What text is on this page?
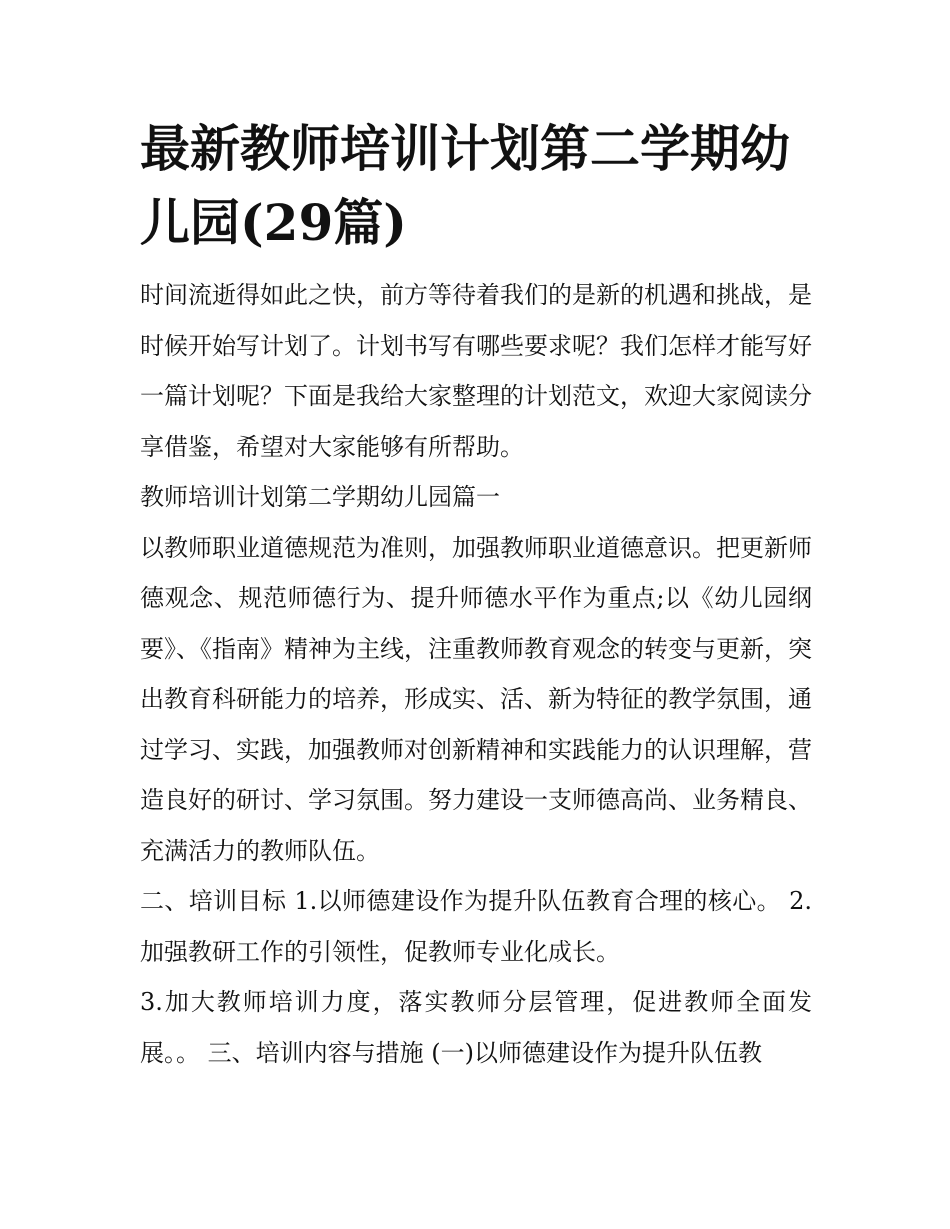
最新教师培训计划第二学期幼儿园(29篇)

时间流逝得如此之快，前方等待着我们的是新的机遇和挑战，是时候开始写计划了。计划书写有哪些要求呢？我们怎样才能写好一篇计划呢？下面是我给大家整理的计划范文，欢迎大家阅读分享借鉴，希望对大家能够有所帮助。

教师培训计划第二学期幼儿园篇一

以教师职业道德规范为准则，加强教师职业道德意识。把更新师德观念、规范师德行为、提升师德水平作为重点;以《幼儿园纲要》、《指南》精神为主线，注重教师教育观念的转变与更新，突出教育科研能力的培养，形成实、活、新为特征的教学氛围，通过学习、实践，加强教师对创新精神和实践能力的认识理解，营造良好的研讨、学习氛围。努力建设一支师德高尚、业务精良、充满活力的教师队伍。

二、培训目标 1.以师德建设作为提升队伍教育合理的核心。 2.加强教研工作的引领性，促教师专业化成长。

3.加大教师培训力度，落实教师分层管理，促进教师全面发展。。 三、培训内容与措施 (一)以师德建设作为提升队伍教
